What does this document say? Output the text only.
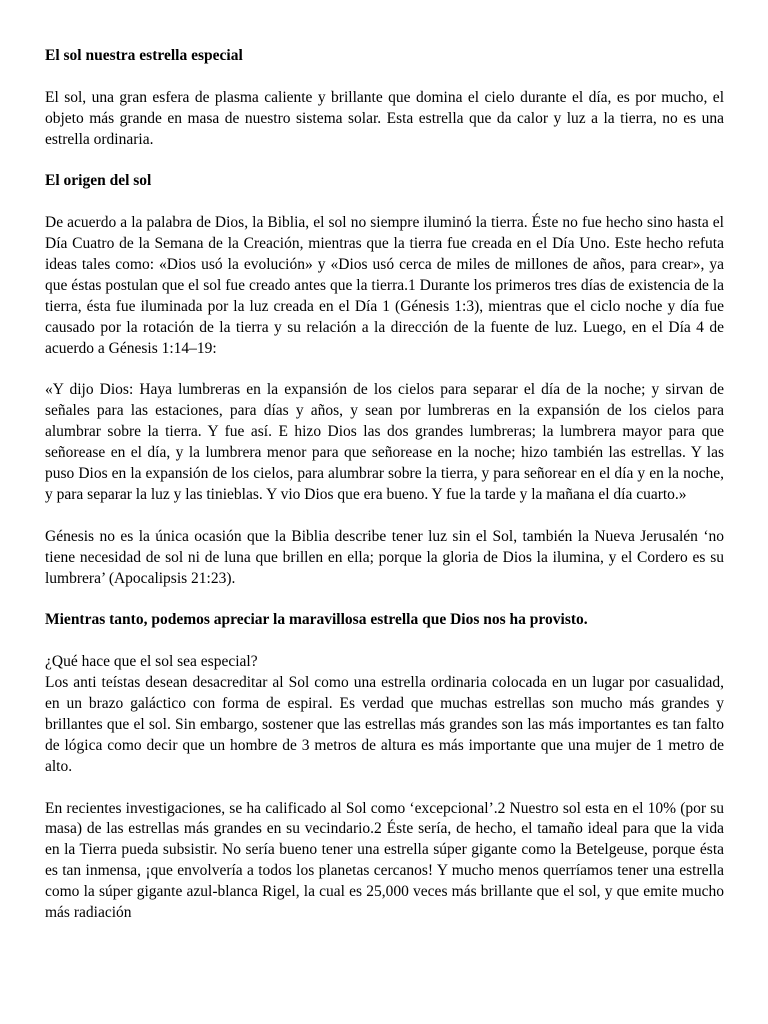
El sol nuestra estrella especial

El sol, una gran esfera de plasma caliente y brillante que domina el cielo durante el día, es por mucho, el objeto más grande en masa de nuestro sistema solar. Esta estrella que da calor y luz a la tierra, no es una estrella ordinaria.

El origen del sol

De acuerdo a la palabra de Dios, la Biblia, el sol no siempre iluminó la tierra. Éste no fue hecho sino hasta el Día Cuatro de la Semana de la Creación, mientras que la tierra fue creada en el Día Uno. Este hecho refuta ideas tales como: «Dios usó la evolución» y «Dios usó cerca de miles de millones de años, para crear», ya que éstas postulan que el sol fue creado antes que la tierra.1 Durante los primeros tres días de existencia de la tierra, ésta fue iluminada por la luz creada en el Día 1 (Génesis 1:3), mientras que el ciclo noche y día fue causado por la rotación de la tierra y su relación a la dirección de la fuente de luz. Luego, en el Día 4 de acuerdo a Génesis 1:14–19:

«Y dijo Dios: Haya lumbreras en la expansión de los cielos para separar el día de la noche; y sirvan de señales para las estaciones, para días y años, y sean por lumbreras en la expansión de los cielos para alumbrar sobre la tierra. Y fue así. E hizo Dios las dos grandes lumbreras; la lumbrera mayor para que señorease en el día, y la lumbrera menor para que señorease en la noche; hizo también las estrellas. Y las puso Dios en la expansión de los cielos, para alumbrar sobre la tierra, y para señorear en el día y en la noche, y para separar la luz y las tinieblas. Y vio Dios que era bueno. Y fue la tarde y la mañana el día cuarto.»

Génesis no es la única ocasión que la Biblia describe tener luz sin el Sol, también la Nueva Jerusalén ‘no tiene necesidad de sol ni de luna que brillen en ella; porque la gloria de Dios la ilumina, y el Cordero es su lumbrera’ (Apocalipsis 21:23).

Mientras tanto, podemos apreciar la maravillosa estrella que Dios nos ha provisto.

¿Qué hace que el sol sea especial?

Los anti teístas desean desacreditar al Sol como una estrella ordinaria colocada en un lugar por casualidad, en un brazo galáctico con forma de espiral. Es verdad que muchas estrellas son mucho más grandes y brillantes que el sol. Sin embargo, sostener que las estrellas más grandes son las más importantes es tan falto de lógica como decir que un hombre de 3 metros de altura es más importante que una mujer de 1 metro de alto.

En recientes investigaciones, se ha calificado al Sol como ‘excepcional’.2 Nuestro sol esta en el 10% (por su masa) de las estrellas más grandes en su vecindario.2 Éste sería, de hecho, el tamaño ideal para que la vida en la Tierra pueda subsistir. No sería bueno tener una estrella súper gigante como la Betelgeuse, porque ésta es tan inmensa, ¡que envolvería a todos los planetas cercanos! Y mucho menos querríamos tener una estrella como la súper gigante azul-blanca Rigel, la cual es 25,000 veces más brillante que el sol, y que emite mucho más radiación
